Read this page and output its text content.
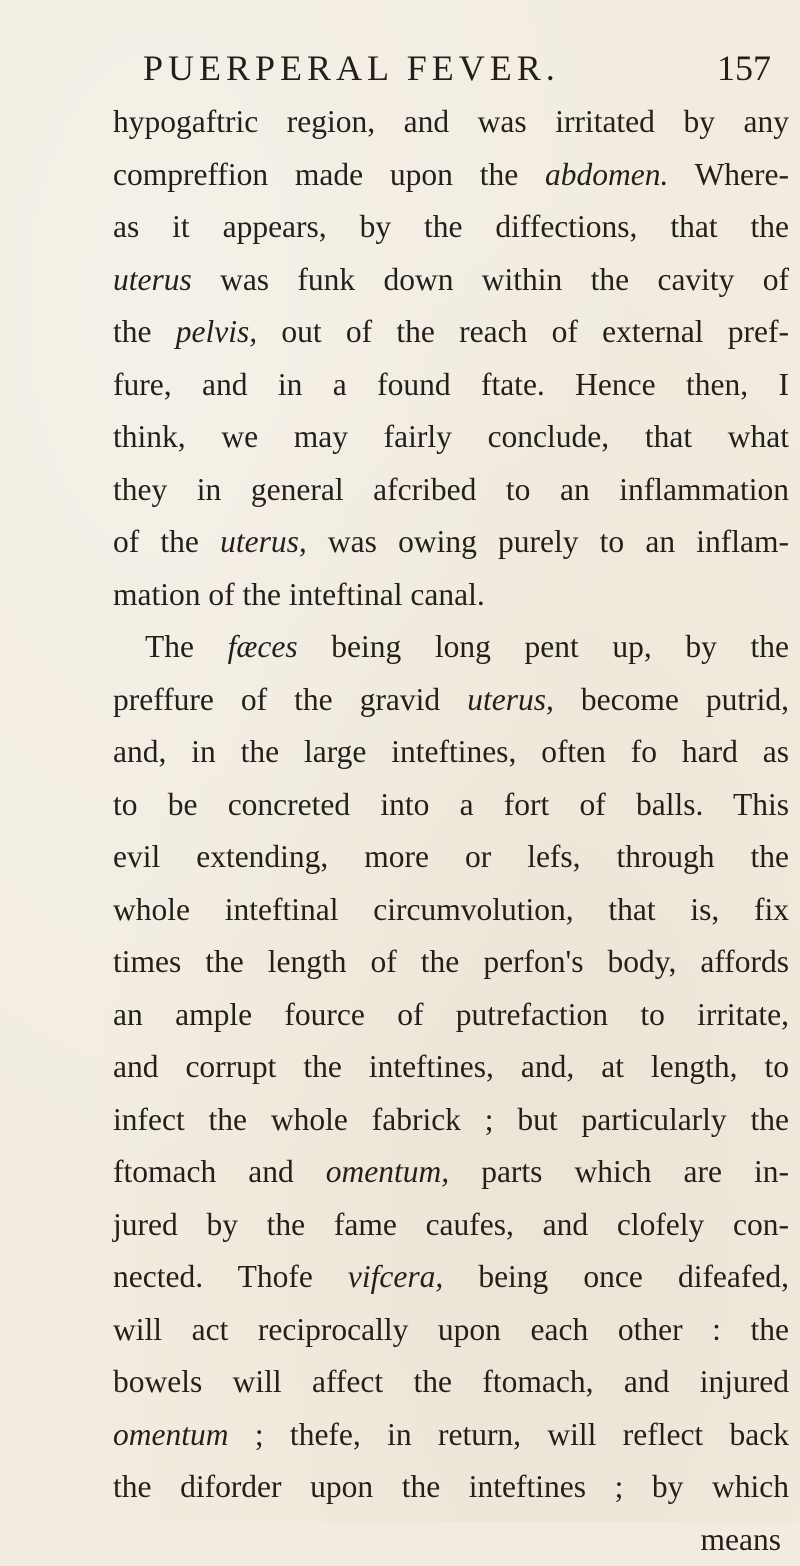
PUERPERAL FEVER.	157
hypogaftric region, and was irritated by any
compreffion made upon the abdomen. Where-
as it appears, by the diffections, that the
uterus was funk down within the cavity of
the pelvis, out of the reach of external pref-
fure, and in a found ftate. Hence then, I
think, we may fairly conclude, that what
they in general afcribed to an inflammation
of the uterus, was owing purely to an inflam-
mation of the inteftinal canal.
The fæces being long pent up, by the
preffure of the gravid uterus, become putrid,
and, in the large inteftines, often fo hard as
to be concreted into a fort of balls. This
evil extending, more or lefs, through the
whole inteftinal circumvolution, that is, fix
times the length of the perfon's body, affords
an ample fource of putrefaction to irritate,
and corrupt the inteftines, and, at length, to
infect the whole fabrick ; but particularly the
ftomach and omentum, parts which are in-
jured by the fame caufes, and clofely con-
nected. Thofe vifcera, being once difeafed,
will act reciprocally upon each other : the
bowels will affect the ftomach, and injured
omentum ; thefe, in return, will reflect back
the diforder upon the inteftines ; by which
means
